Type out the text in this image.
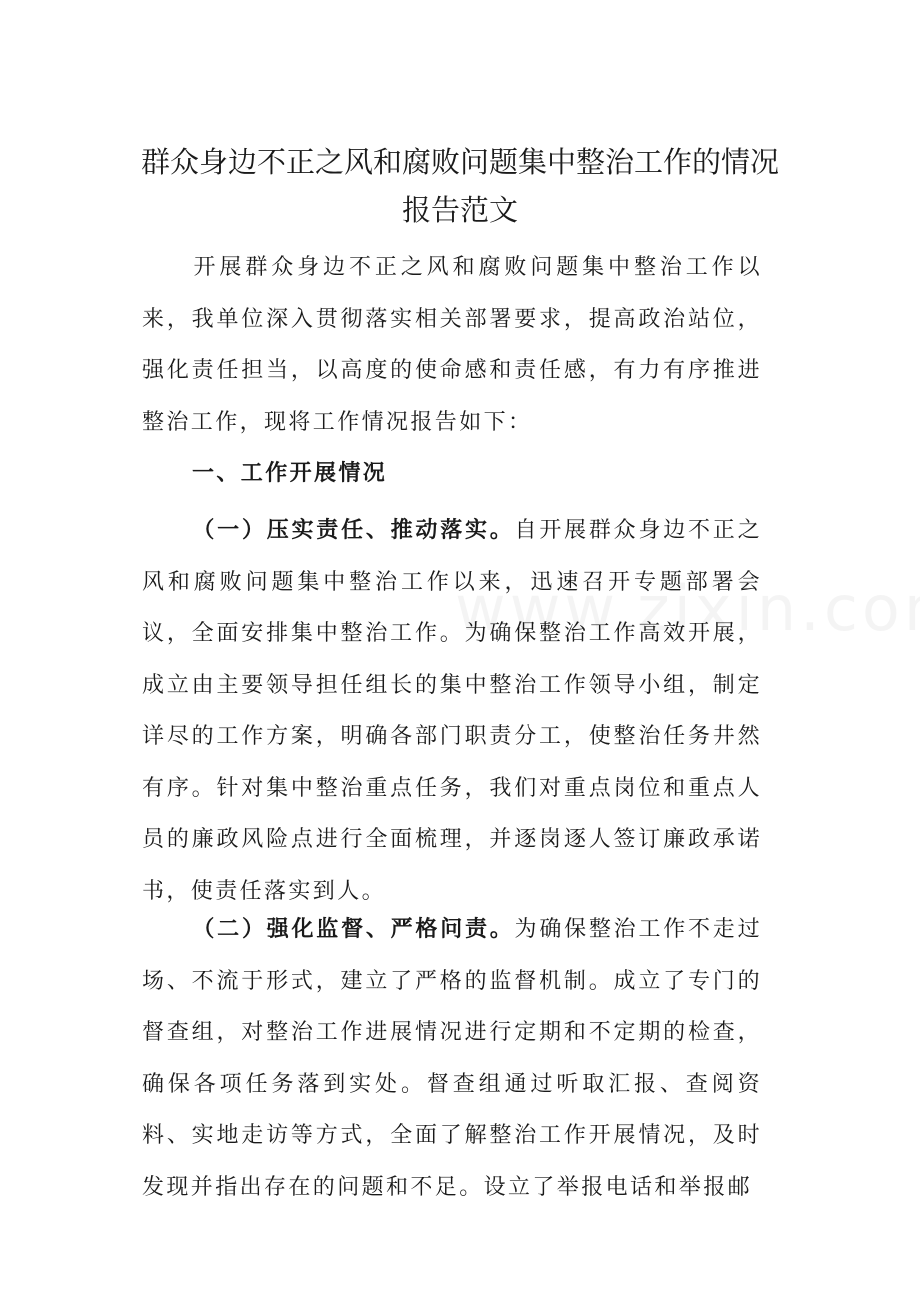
群众身边不正之风和腐败问题集中整治工作的情况报告范文
开展群众身边不正之风和腐败问题集中整治工作以来，我单位深入贯彻落实相关部署要求，提高政治站位，强化责任担当，以高度的使命感和责任感，有力有序推进整治工作，现将工作情况报告如下：
一、工作开展情况
（一）压实责任、推动落实。自开展群众身边不正之风和腐败问题集中整治工作以来，迅速召开专题部署会议，全面安排集中整治工作。为确保整治工作高效开展，成立由主要领导担任组长的集中整治工作领导小组，制定详尽的工作方案，明确各部门职责分工，使整治任务井然有序。针对集中整治重点任务，我们对重点岗位和重点人员的廉政风险点进行全面梳理，并逐岗逐人签订廉政承诺书，使责任落实到人。
（二）强化监督、严格问责。为确保整治工作不走过场、不流于形式，建立了严格的监督机制。成立了专门的督查组，对整治工作进展情况进行定期和不定期的检查，确保各项任务落到实处。督查组通过听取汇报、查阅资料、实地走访等方式，全面了解整治工作开展情况，及时发现并指出存在的问题和不足。设立了举报电话和举报邮
